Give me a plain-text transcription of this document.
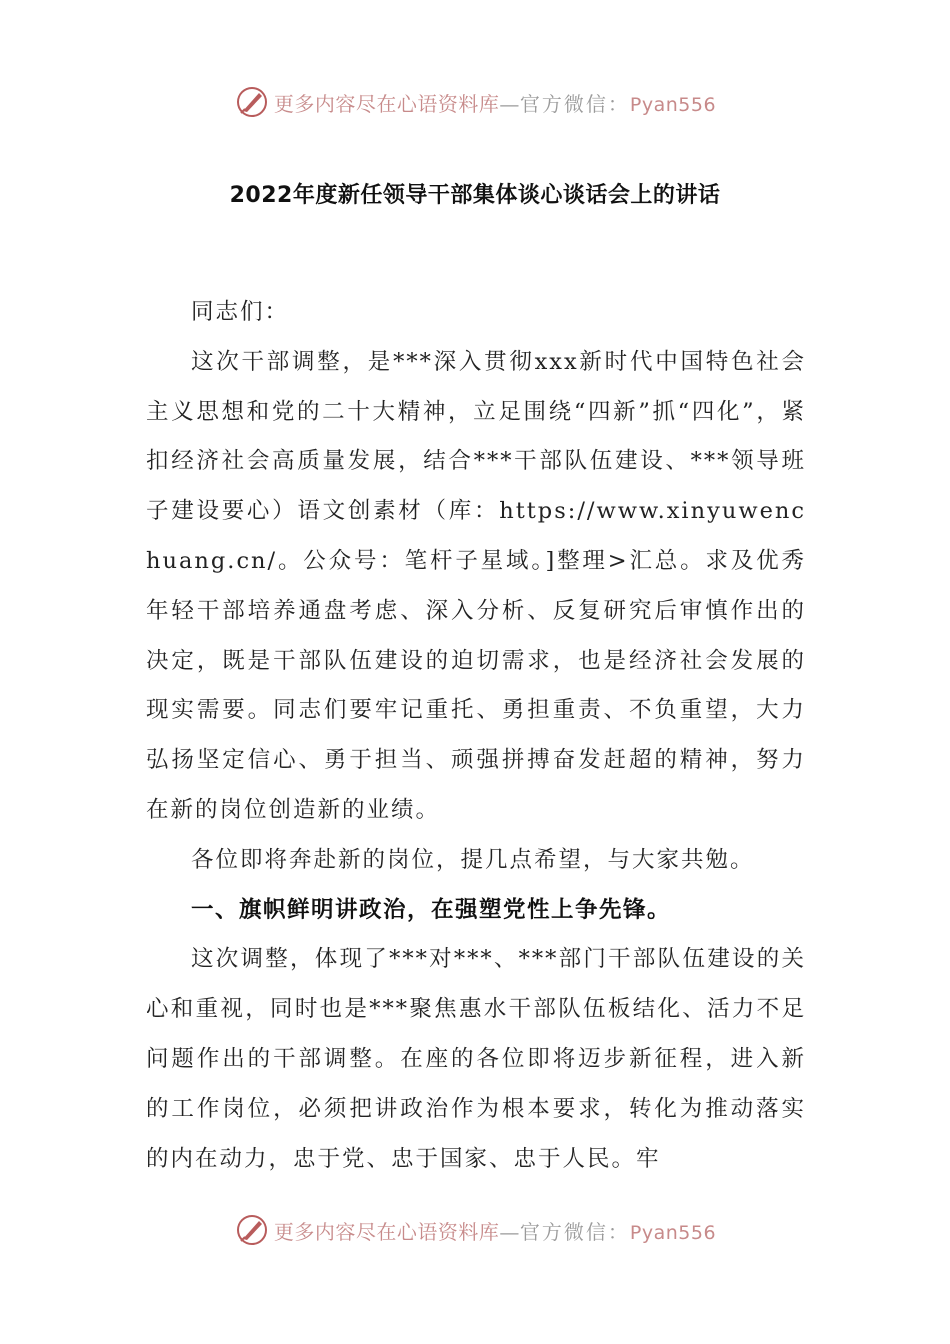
更多内容尽在心语资料库—官方微信：Pyan556
2022年度新任领导干部集体谈心谈话会上的讲话

同志们：

这次干部调整，是***深入贯彻xxx新时代中国特色社会主义思想和党的二十大精神，立足围绕“四新”抓“四化”，紧扣经济社会高质量发展，结合***干部队伍建设、***领导班子建设要心）语文创素材（库：https://www.xinyuwenchuang.cn/。公众号：笔杆子星域。]整理>汇总。求及优秀年轻干部培养通盘考虑、深入分析、反复研究后审慎作出的决定，既是干部队伍建设的迫切需求，也是经济社会发展的现实需要。同志们要牢记重托、勇担重责、不负重望，大力弘扬坚定信心、勇于担当、顽强拼搏奋发赶超的精神，努力在新的岗位创造新的业绩。

各位即将奔赴新的岗位，提几点希望，与大家共勉。

一、旗帜鲜明讲政治，在强塑党性上争先锋。

这次调整，体现了***对***、***部门干部队伍建设的关心和重视，同时也是***聚焦惠水干部队伍板结化、活力不足问题作出的干部调整。在座的各位即将迈步新征程，进入新的工作岗位，必须把讲政治作为根本要求，转化为推动落实的内在动力，忠于党、忠于国家、忠于人民。牢

更多内容尽在心语资料库—官方微信：Pyan556
